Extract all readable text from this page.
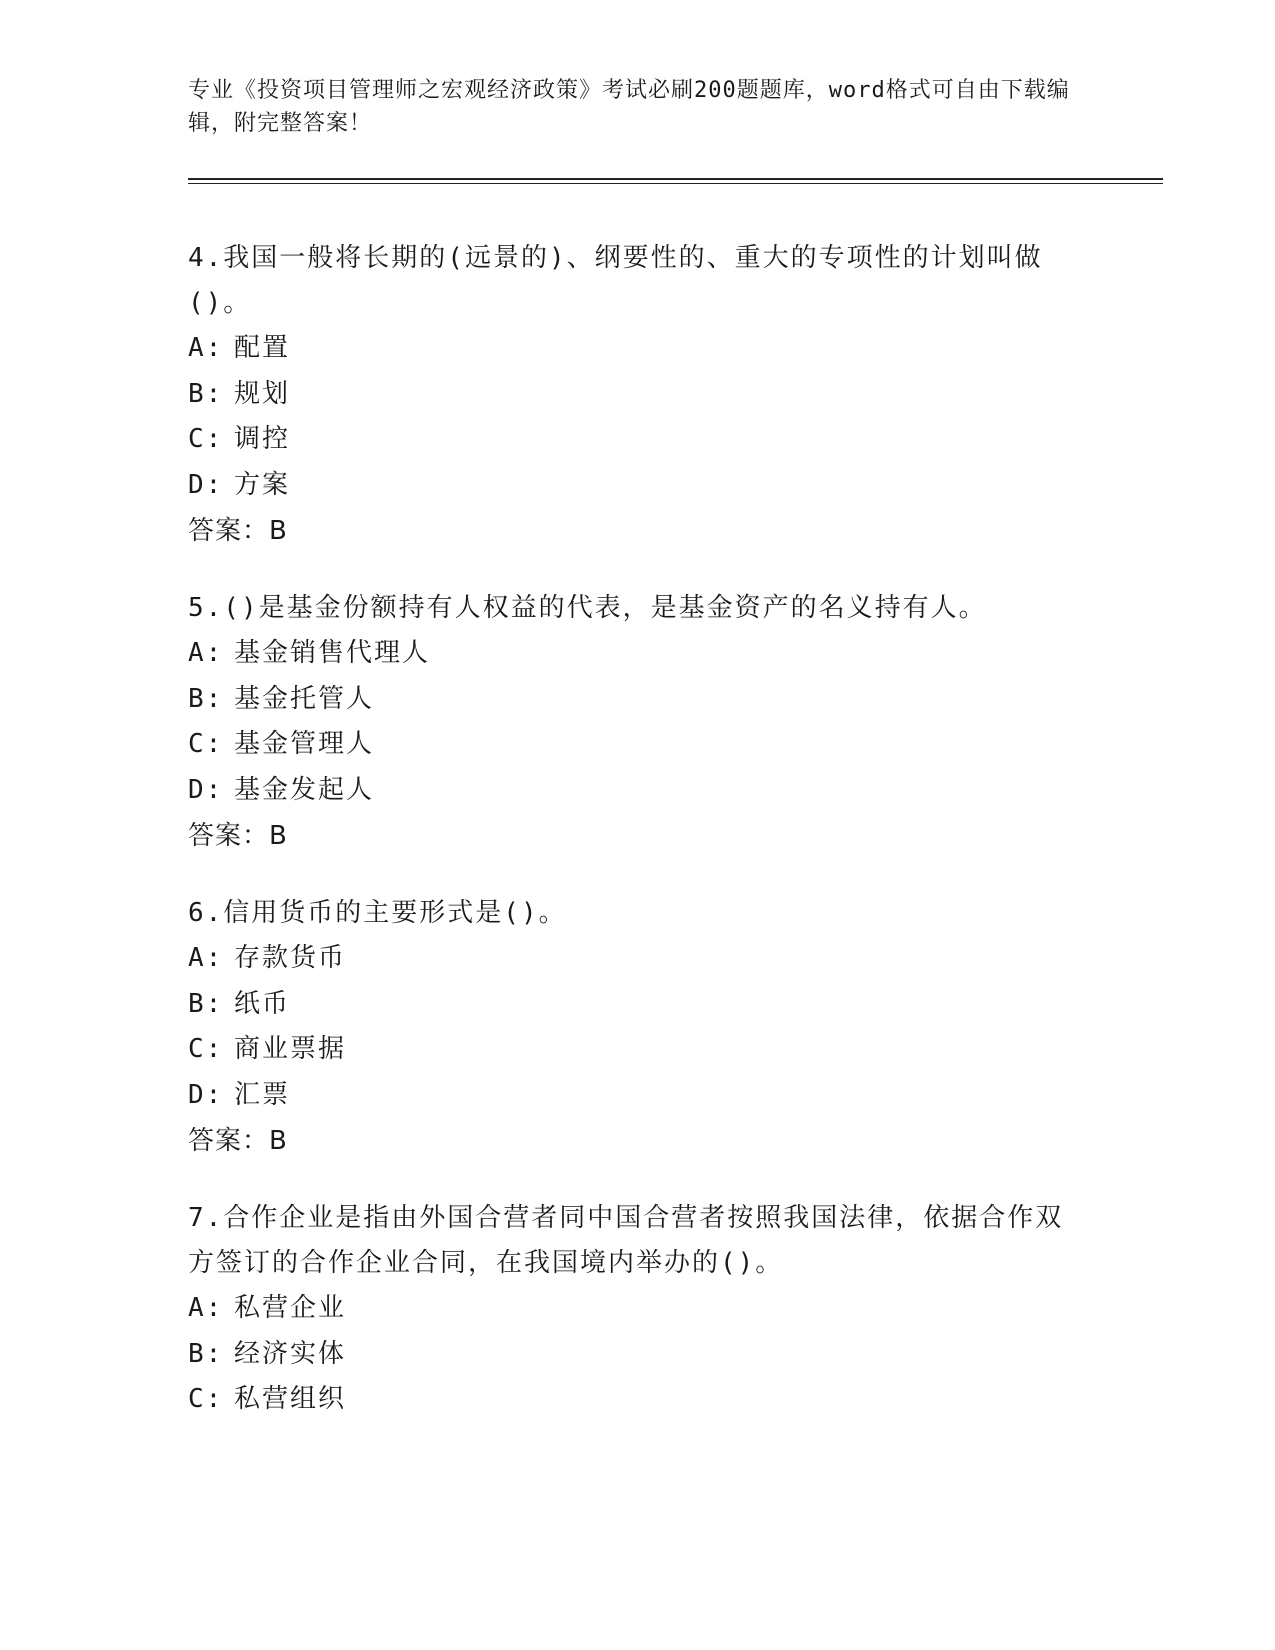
专业《投资项目管理师之宏观经济政策》考试必刷200题题库，word格式可自由下载编辑，附完整答案！

4.我国一般将长期的(远景的)、纲要性的、重大的专项性的计划叫做()。

A: 配置

B: 规划

C: 调控

D: 方案

答案：B

5.()是基金份额持有人权益的代表，是基金资产的名义持有人。

A: 基金销售代理人

B: 基金托管人

C: 基金管理人

D: 基金发起人

答案：B

6.信用货币的主要形式是()。

A: 存款货币

B: 纸币

C: 商业票据

D: 汇票

答案：B

7.合作企业是指由外国合营者同中国合营者按照我国法律，依据合作双方签订的合作企业合同，在我国境内举办的()。

A: 私营企业

B: 经济实体

C: 私营组织
